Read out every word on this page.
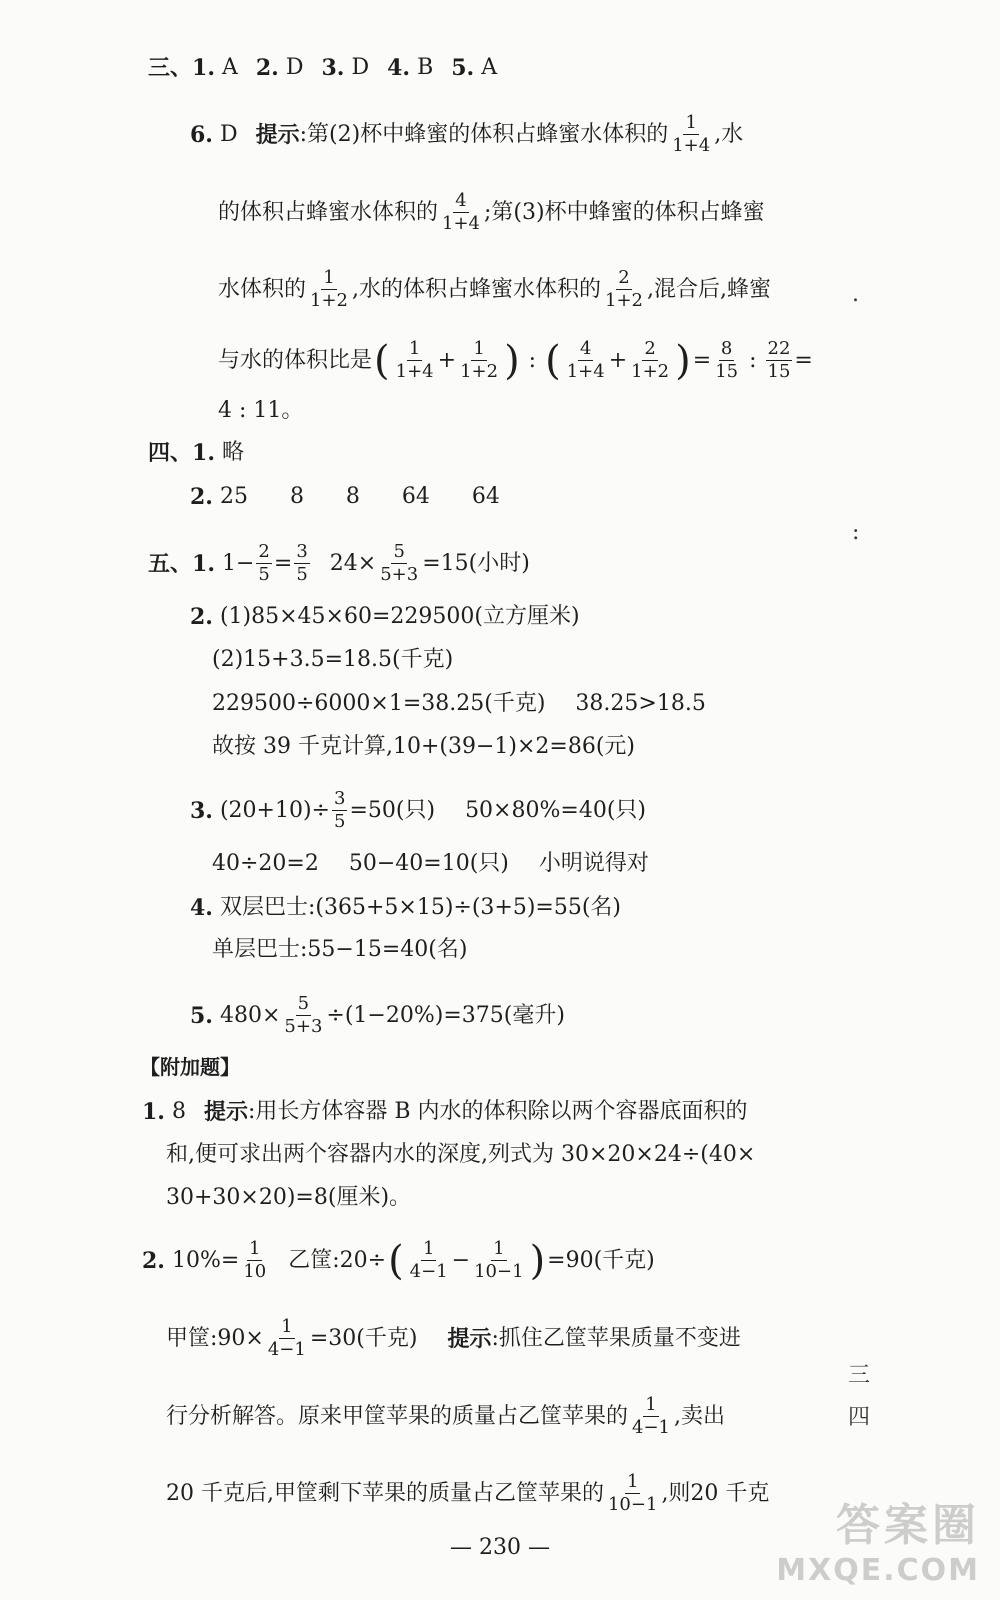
三、 1.
A 2.
D 3.
D 4.
B 5.
A
6.
D 提示 :第(2)杯中蜂蜜的体积占蜂蜜水体积的 $\frac{1}{1+4}$ ,水
的体积占蜂蜜水体积的 $\frac{4}{1+4}$ ;第(3)杯中蜂蜜的体积占蜂蜜
水体积的 $\frac{1}{1+2}$ ,水的体积占蜂蜜水体积的 $\frac{2}{1+2}$ ,混合后,蜂蜜
与水的体积比是 ( $\frac{1}{1+4} + \frac{1}{1+2}$ )
:
( $\frac{4}{1+4} + \frac{2}{1+2}$ ) = $\frac{8}{15}$
:
$\frac{22}{15}$ =
4 : 11。
四、 1.
略
2.
25  8  8  64  64
五、 1.
$1- \frac{2}{5} = \frac{3}{5} 24\times \frac{5}{5+3} =15$(小时)
2.
(1)85×45×60=229500(立方厘米)
(2)15+3.5=18.5(千克)
229500÷6000×1=38.25(千克) 38.25>18.5
故按 39 千克计算,10+(39−1)×2=86(元)
3.
$(20+10)\div \frac{3}{5} =50$(只) 50×80%=40(只)
40÷20=2 50−40=10(只) 小明说得对
4.
双层巴士:(365+5×15)÷(3+5)=55(名)
单层巴士:55−15=40(名)
5.
$480\times \frac{5}{5+3} \div(1-20\%)=375$(毫升)
【附加题】
1.
8 提示 :用长方体容器 B 内水的体积除以两个容器底面积的
和,便可求出两个容器内水的深度,列式为 30×20×24÷(40×
30+30×20)=8(厘米)。
2.
$10\%= \frac{1}{10}$ 乙筐:20÷ ( $\frac{1}{4-1} - \frac{1}{10-1}$ ) =90(千克)
甲筐:90× $\frac{1}{4-1} =30$(千克) 提示 :抓住乙筐苹果质量不变进
行分析解答。原来甲筐苹果的质量占乙筐苹果的 $\frac{1}{4-1}$ ,卖出
20 千克后,甲筐剩下苹果的质量占乙筐苹果的 $\frac{1}{10-1}$ ,则20 千克
.
:
三
四
— 230 —	答案圈
MXQE.COM
